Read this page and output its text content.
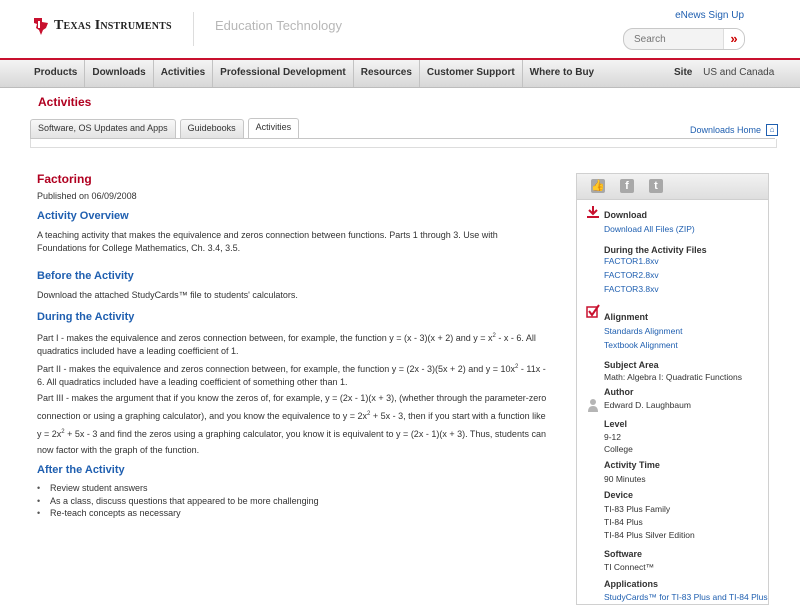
Texas Instruments	Education Technology
eNews Sign Up
Search
»
Products	Downloads	Activities	Professional Development	Resources	Customer Support	Where to Buy	Site US and Canada
Activities
Software, OS Updates and Apps	Guidebooks	Activities	Downloads Home	⌂
Factoring
Published on 06/09/2008
Activity Overview

A teaching activity that makes the equivalence and zeros connection between functions. Parts 1 through 3. Use with Foundations for College Mathematics, Ch. 3.4, 3.5.

Before the Activity

Download the attached StudyCards™ file to students' calculators.

During the Activity

Part I - makes the equivalence and zeros connection between, for example, the function y = (x - 3)(x + 2) and $y = x^2 - x - 6$. All quadratics included have a leading coefficient of 1.

Part II - makes the equivalence and zeros connection between, for example, the function y = (2x - 3)(5x + 2) and $y = 10x^2 - 11x - 6$. All quadratics included have a leading coefficient of something other than 1.

Part III - makes the argument that if you know the zeros of, for example, y = (2x - 1)(x + 3), (whether through the parameter-zero connection or using a graphing calculator), and you know the equivalence to $y = 2x^2 + 5x - 3$, then if you start with a function like $y = 2x^2 + 5x - 3$ and find the zeros using a graphing calculator, you know it is equivalent to y = (2x - 1)(x + 3). Thus, students can now factor with the graph of the function.

After the Activity
• Review student answers
• As a class, discuss questions that appeared to be more challenging
• Re-teach concepts as necessary
👍	f	t
Download
Download All Files (ZIP)
During the Activity Files
FACTOR1.8xv
FACTOR2.8xv
FACTOR3.8xv
Alignment
Standards Alignment
Textbook Alignment
Subject Area
Math: Algebra I: Quadratic Functions
Author
Edward D. Laughbaum
Level
9-12
College
Activity Time
90 Minutes
Device
TI-83 Plus Family
TI-84 Plus
TI-84 Plus Silver Edition
Software
TI Connect™
Applications
StudyCards™ for TI-83 Plus and TI-84 Plus
